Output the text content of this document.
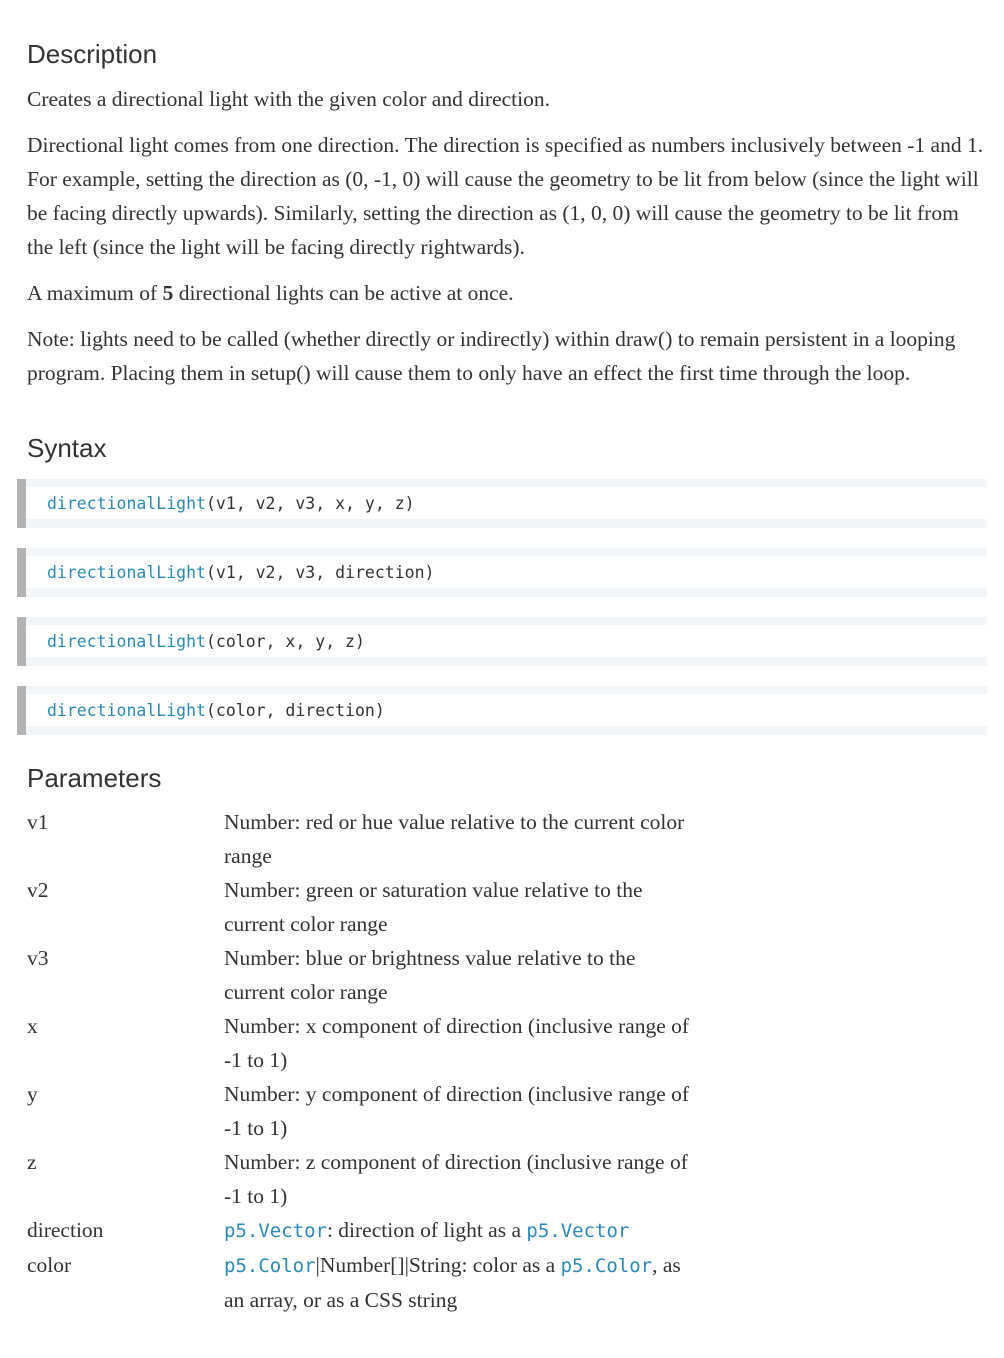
Description

Creates a directional light with the given color and direction.

Directional light comes from one direction. The direction is specified as numbers inclusively between -1 and 1. For example, setting the direction as (0, -1, 0) will cause the geometry to be lit from below (since the light will be facing directly upwards). Similarly, setting the direction as (1, 0, 0) will cause the geometry to be lit from the left (since the light will be facing directly rightwards).

A maximum of 5 directional lights can be active at once.

Note: lights need to be called (whether directly or indirectly) within draw() to remain persistent in a looping program. Placing them in setup() will cause them to only have an effect the first time through the loop.

Syntax
directionalLight(v1, v2, v3, x, y, z)
directionalLight(v1, v2, v3, direction)
directionalLight(color, x, y, z)
directionalLight(color, direction)
Parameters
v1	Number: red or hue value relative to the current color range
v2	Number: green or saturation value relative to the current color range
v3	Number: blue or brightness value relative to the current color range
x	Number: x component of direction (inclusive range of -1 to 1)
y	Number: y component of direction (inclusive range of -1 to 1)
z	Number: z component of direction (inclusive range of -1 to 1)
direction	p5.Vector: direction of light as a p5.Vector
color	p5.Color|Number[]|String: color as a p5.Color, as an array, or as a CSS string
